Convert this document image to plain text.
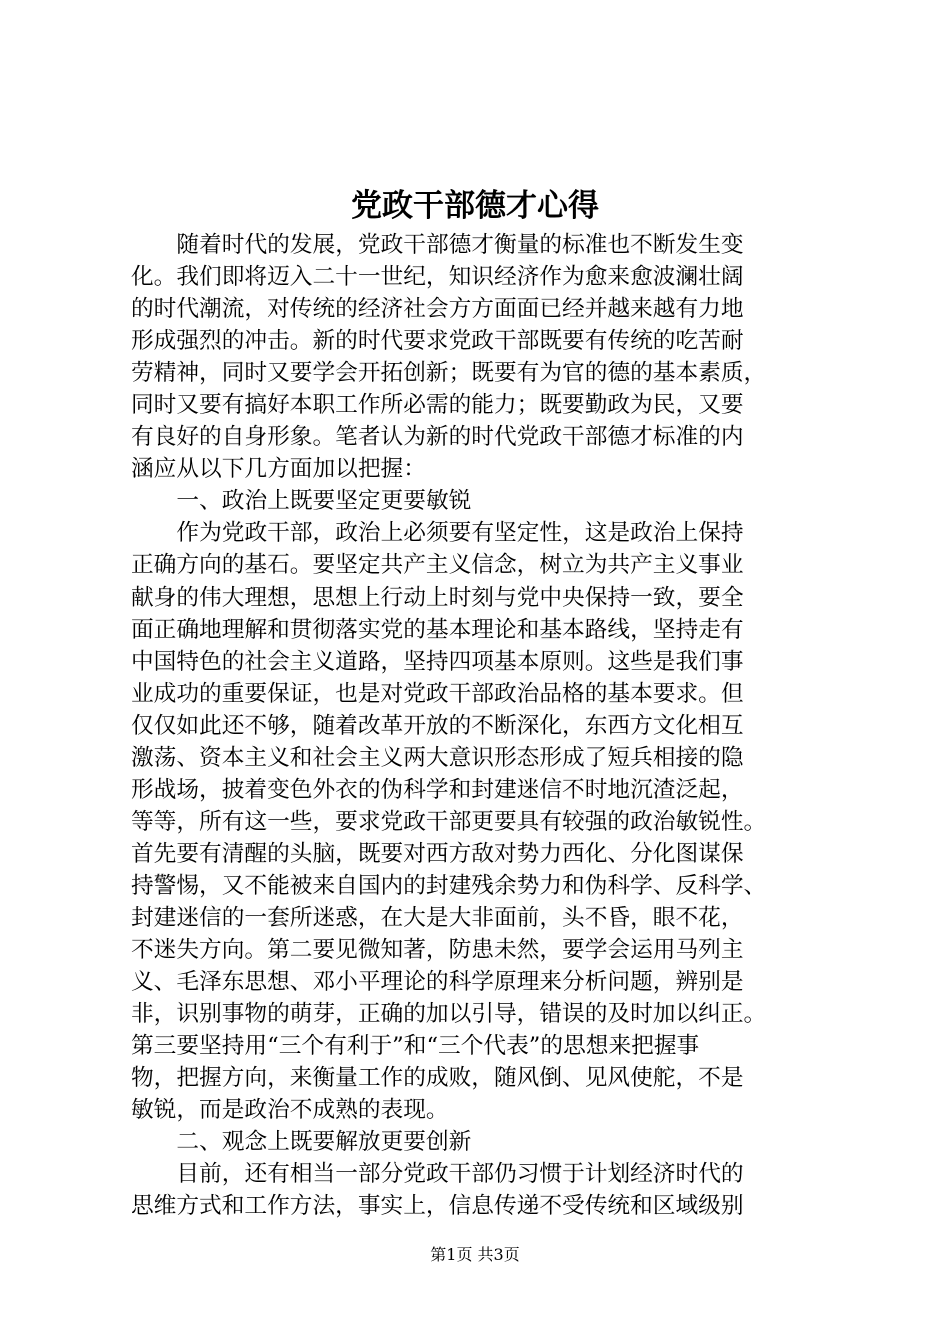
党政干部德才心得

随着时代的发展，党政干部德才衡量的标准也不断发生变
化。我们即将迈入二十一世纪，知识经济作为愈来愈波澜壮阔
的时代潮流，对传统的经济社会方方面面已经并越来越有力地
形成强烈的冲击。新的时代要求党政干部既要有传统的吃苦耐
劳精神，同时又要学会开拓创新；既要有为官的德的基本素质，
同时又要有搞好本职工作所必需的能力；既要勤政为民，又要
有良好的自身形象。笔者认为新的时代党政干部德才标准的内
涵应从以下几方面加以把握：

一、政治上既要坚定更要敏锐

作为党政干部，政治上必须要有坚定性，这是政治上保持
正确方向的基石。要坚定共产主义信念，树立为共产主义事业
献身的伟大理想，思想上行动上时刻与党中央保持一致，要全
面正确地理解和贯彻落实党的基本理论和基本路线，坚持走有
中国特色的社会主义道路，坚持四项基本原则。这些是我们事
业成功的重要保证，也是对党政干部政治品格的基本要求。但
仅仅如此还不够，随着改革开放的不断深化，东西方文化相互
激荡、资本主义和社会主义两大意识形态形成了短兵相接的隐
形战场，披着变色外衣的伪科学和封建迷信不时地沉渣泛起，
等等，所有这一些，要求党政干部更要具有较强的政治敏锐性。
首先要有清醒的头脑，既要对西方敌对势力西化、分化图谋保
持警惕，又不能被来自国内的封建残余势力和伪科学、反科学、
封建迷信的一套所迷惑，在大是大非面前，头不昏，眼不花，
不迷失方向。第二要见微知著，防患未然，要学会运用马列主
义、毛泽东思想、邓小平理论的科学原理来分析问题，辨别是
非，识别事物的萌芽，正确的加以引导，错误的及时加以纠正。
第三要坚持用“三个有利于”和“三个代表”的思想来把握事
物，把握方向，来衡量工作的成败，随风倒、见风使舵，不是
敏锐，而是政治不成熟的表现。

二、观念上既要解放更要创新

目前，还有相当一部分党政干部仍习惯于计划经济时代的
思维方式和工作方法，事实上，信息传递不受传统和区域级别

第1页 共3页
